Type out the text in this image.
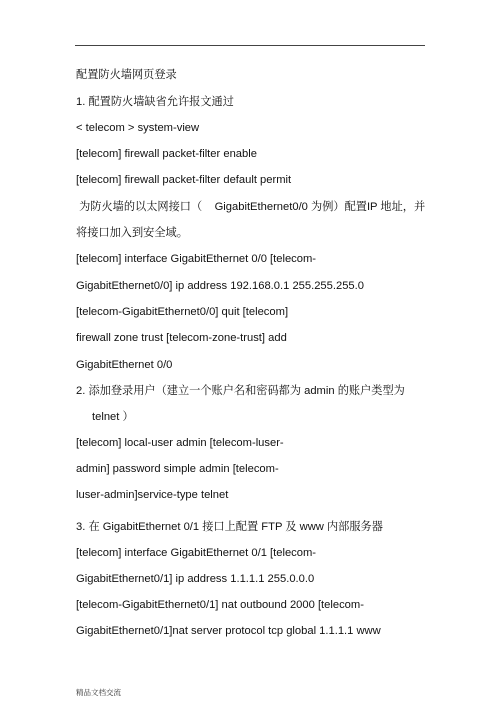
配置防火墙网页登录
1. 配置防火墙缺省允许报文通过
< telecom > system-view
[telecom] firewall packet-filter enable
[telecom] firewall packet-filter default permit
为防火墙的以太网接口（    GigabitEthernet0/0 为例）配置IP 地址，并
将接口加入到安全域。
[telecom] interface GigabitEthernet 0/0 [telecom-
GigabitEthernet0/0] ip address 192.168.0.1 255.255.255.0
[telecom-GigabitEthernet0/0] quit [telecom]
firewall zone trust [telecom-zone-trust] add
GigabitEthernet 0/0
2. 添加登录用户（建立一个账户名和密码都为 admin 的账户类型为
telnet ）
[telecom] local-user admin [telecom-luser-
admin] password simple admin [telecom-
luser-admin]service-type telnet
3. 在 GigabitEthernet 0/1 接口上配置 FTP 及 www 内部服务器
[telecom] interface GigabitEthernet 0/1 [telecom-
GigabitEthernet0/1] ip address 1.1.1.1 255.0.0.0
[telecom-GigabitEthernet0/1] nat outbound 2000 [telecom-
GigabitEthernet0/1]nat server protocol tcp global 1.1.1.1 www
精品文档交流
